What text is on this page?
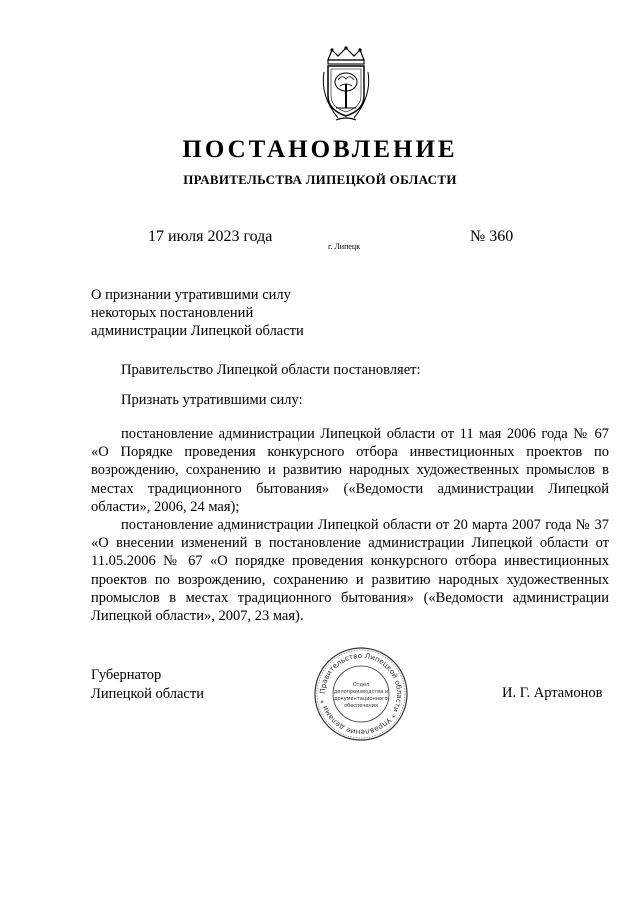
ПОСТАНОВЛЕНИЕ
ПРАВИТЕЛЬСТВА ЛИПЕЦКОЙ ОБЛАСТИ
17 июля 2023 года
г. Липецк
№ 360
О признании утратившими силу
некоторых постановлений
администрации Липецкой области
Правительство Липецкой области постановляет:
Признать утратившими силу:

постановление администрации Липецкой области от 11 мая 2006 года № 67 «О Порядке проведения конкурсного отбора инвестиционных проектов по возрождению, сохранению и развитию народных художественных промыслов в местах традиционного бытования» («Ведомости администрации Липецкой области», 2006, 24 мая);

постановление администрации Липецкой области от 20 марта 2007 года № 37 «О внесении изменений в постановление администрации Липецкой области от 11.05.2006 № 67 «О порядке проведения конкурсного отбора инвестиционных проектов по возрождению, сохранению и развитию народных художественных промыслов в местах традиционного бытования» («Ведомости администрации Липецкой области», 2007, 23 мая).

Губернатор
Липецкой области	Правительство Липецкой области * Управление делами *
Отдел
делопроизводства и
документационного
обеспечения
И. Г. Артамонов
